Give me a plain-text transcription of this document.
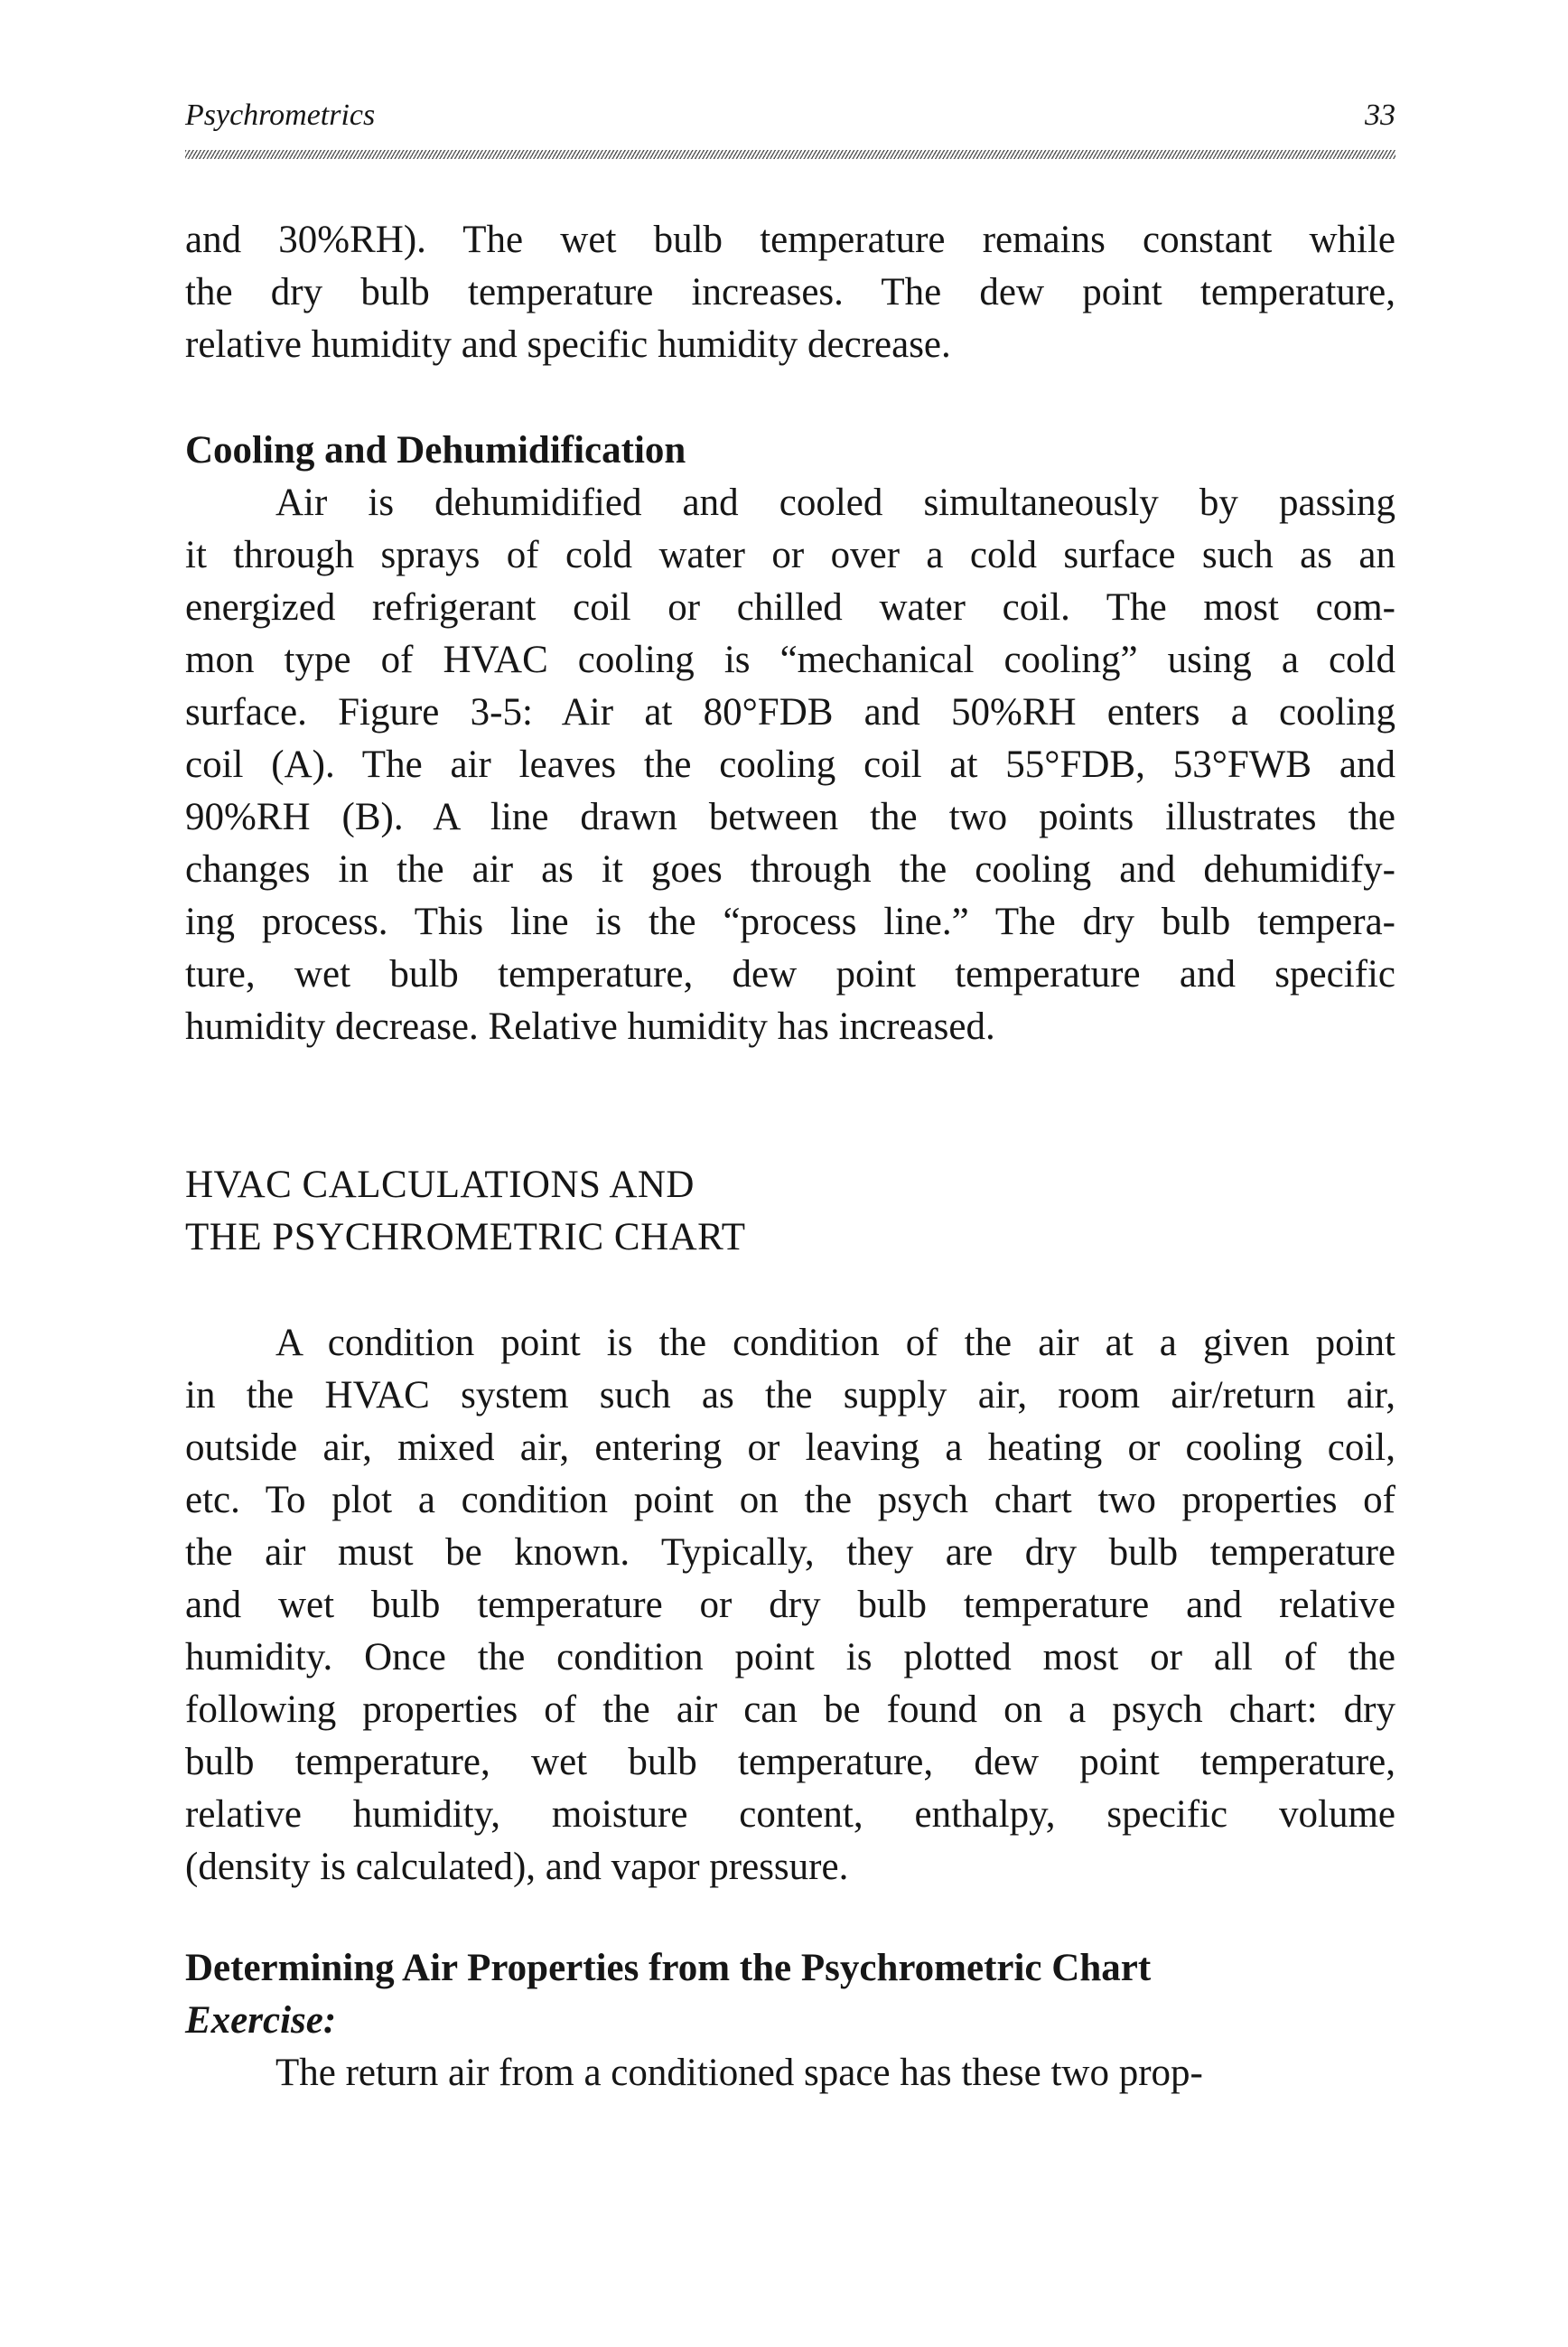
Psychrometrics	33
and 30%RH). The wet bulb temperature remains constant while
the dry bulb temperature increases. The dew point temperature,
relative humidity and specific humidity decrease.
Cooling and Dehumidification
Air is dehumidified and cooled simultaneously by passing
it through sprays of cold water or over a cold surface such as an
energized refrigerant coil or chilled water coil. The most com-
mon type of HVAC cooling is “mechanical cooling” using a cold
surface. Figure 3-5: Air at 80°FDB and 50%RH enters a cooling
coil (A). The air leaves the cooling coil at 55°FDB, 53°FWB and
90%RH (B). A line drawn between the two points illustrates the
changes in the air as it goes through the cooling and dehumidify-
ing process. This line is the “process line.” The dry bulb tempera-
ture, wet bulb temperature, dew point temperature and specific
humidity decrease. Relative humidity has increased.
HVAC CALCULATIONS AND
THE PSYCHROMETRIC CHART
A condition point is the condition of the air at a given point
in the HVAC system such as the supply air, room air/return air,
outside air, mixed air, entering or leaving a heating or cooling coil,
etc. To plot a condition point on the psych chart two properties of
the air must be known. Typically, they are dry bulb temperature
and wet bulb temperature or dry bulb temperature and relative
humidity. Once the condition point is plotted most or all of the
following properties of the air can be found on a psych chart: dry
bulb temperature, wet bulb temperature, dew point temperature,
relative humidity, moisture content, enthalpy, specific volume
(density is calculated), and vapor pressure.
Determining Air Properties from the Psychrometric Chart
Exercise:
The return air from a conditioned space has these two prop-
